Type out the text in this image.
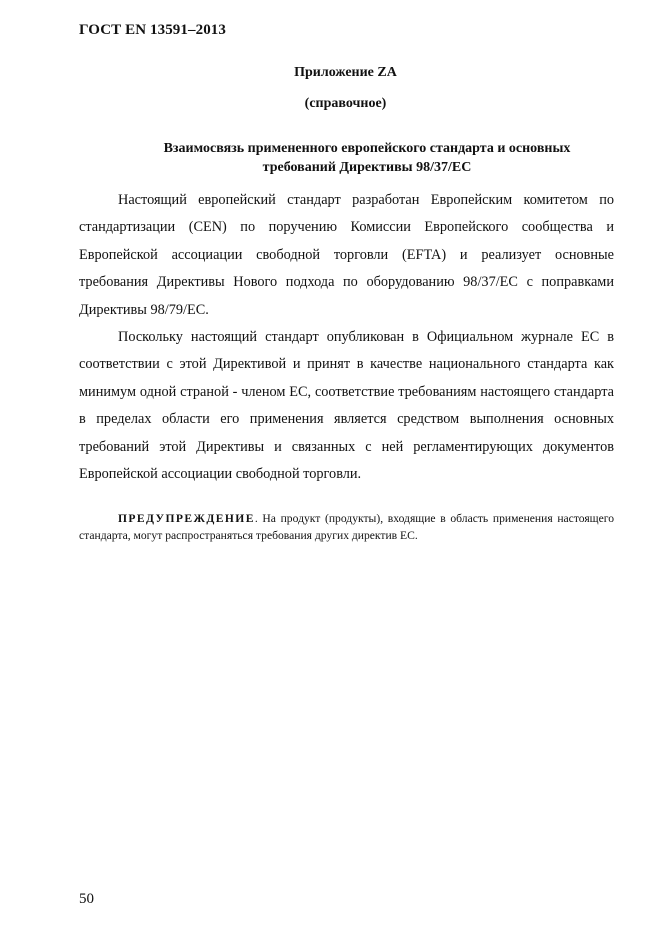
ГОСТ EN 13591–2013
Приложение ZA
(справочное)
Взаимосвязь примененного европейского стандарта и основных
требований Директивы 98/37/ЕС

Настоящий европейский стандарт разработан Европейским комитетом по стандартизации (CEN) по поручению Комиссии Европейского сообщества и Европейской ассоциации свободной торговли (EFTA) и реализует основные требования Директивы Нового подхода по оборудованию 98/37/ЕС с поправками Директивы 98/79/ЕС.

Поскольку настоящий стандарт опубликован в Официальном журнале ЕС в соответствии с этой Директивой и принят в качестве национального стандарта как минимум одной страной - членом ЕС, соответствие требованиям настоящего стандарта в пределах области его применения является средством выполнения основных требований этой Директивы и связанных с ней регламентирующих документов Европейской ассоциации свободной торговли.

ПРЕДУПРЕЖДЕНИЕ. На продукт (продукты), входящие в область применения настоящего стандарта, могут распространяться требования других директив ЕС.

50
